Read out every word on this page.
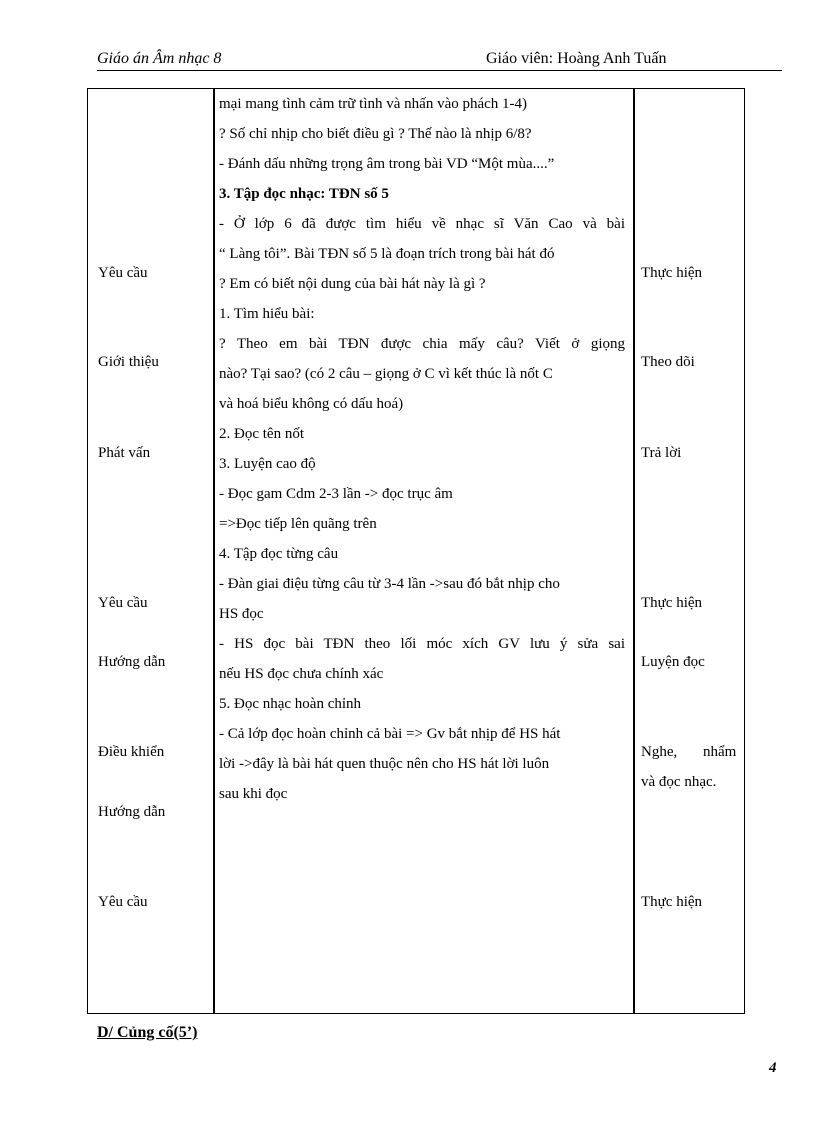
Giáo án Âm nhạc 8	Giáo viên: Hoàng Anh Tuấn
mại mang tình cảm trữ tình và nhấn vào phách 1-4)
? Số chỉ nhịp cho biết điều gì ? Thế nào là nhịp 6/8?
- Đánh dấu những trọng âm trong bài VD “Một mùa....”
3. Tập đọc nhạc: TĐN số 5
- Ở lớp 6 đã được tìm hiểu về nhạc sĩ Văn Cao và bài
“ Làng tôi”. Bài TĐN số 5 là đoạn trích trong bài hát đó
? Em có biết nội dung của bài hát này là gì ?
1. Tìm hiểu bài:
? Theo em bài TĐN được chia mấy câu? Viết ở giọng
nào? Tại sao? (có 2 câu – giọng ở C vì kết thúc là nốt C
và hoá biểu không có dấu hoá)
2. Đọc tên nốt
3. Luyện cao độ
- Đọc gam Cdm 2-3 lần -> đọc trục âm
=>Đọc tiếp lên quãng trên
4. Tập đọc từng câu
- Đàn giai điệu từng câu từ 3-4 lần ->sau đó bắt nhịp cho
HS đọc
- HS đọc bài TĐN theo lối móc xích GV lưu ý sửa sai
nếu HS đọc chưa chính xác
5. Đọc nhạc hoàn chỉnh
- Cả lớp đọc hoàn chỉnh cả bài => Gv bắt nhịp để HS hát
lời ->đây là bài hát quen thuộc nên cho HS hát lời luôn
sau khi đọc
Yêu cầu
Giới thiệu
Phát vấn
Yêu cầu
Hướng dẫn
Điều khiển
Hướng dẫn
Yêu cầu
Thực hiện
Theo dõi
Trả lời
Thực hiện
Luyện đọc
Nghe, nhẩm
và đọc nhạc.
Thực hiện
D/ Củng cố(5’)
4
